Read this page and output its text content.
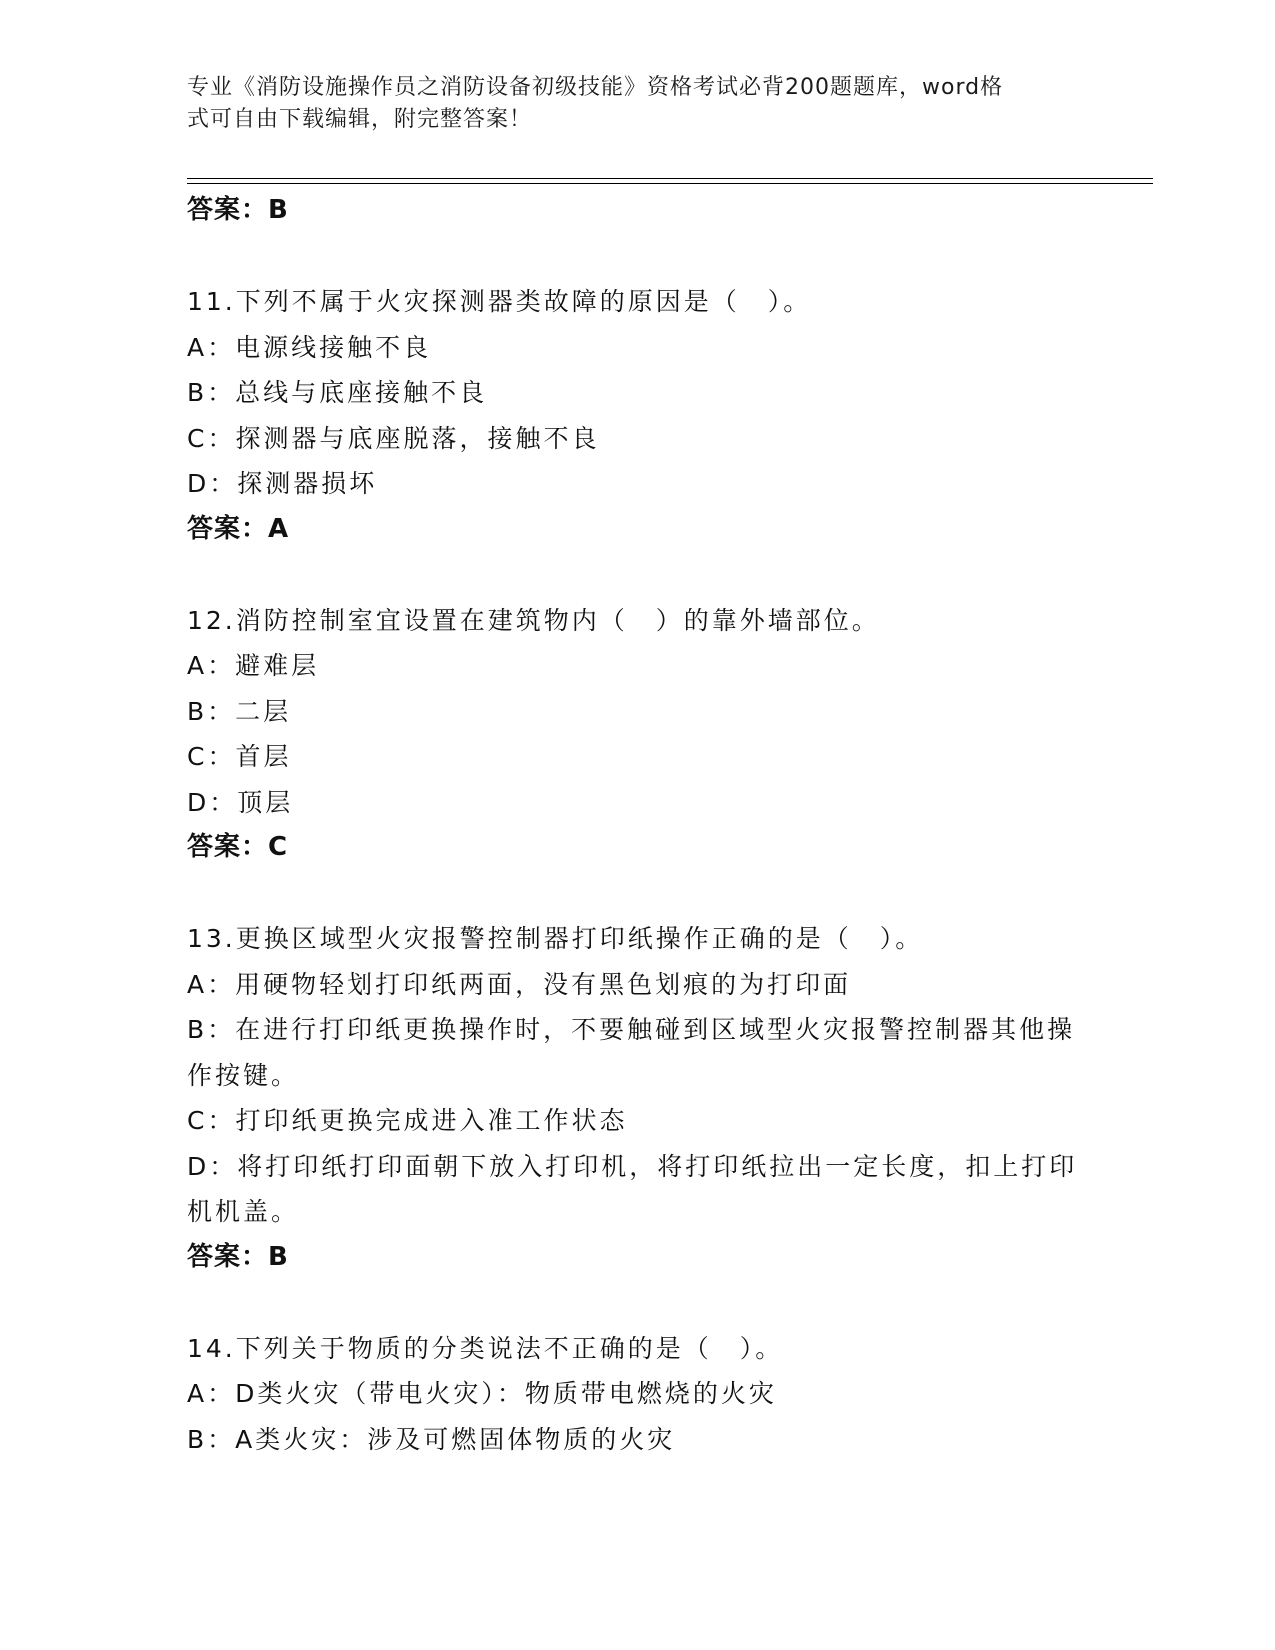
专业《消防设施操作员之消防设备初级技能》资格考试必背200题题库，word格
式可自由下载编辑，附完整答案！
答案：B
11.下列不属于火灾探测器类故障的原因是（　）。
A：电源线接触不良
B：总线与底座接触不良
C：探测器与底座脱落，接触不良
D：探测器损坏
答案：A
12.消防控制室宜设置在建筑物内（　）的靠外墙部位。
A：避难层
B：二层
C：首层
D：顶层
答案：C
13.更换区域型火灾报警控制器打印纸操作正确的是（　）。
A：用硬物轻划打印纸两面，没有黑色划痕的为打印面
B：在进行打印纸更换操作时，不要触碰到区域型火灾报警控制器其他操作按键。
C：打印纸更换完成进入准工作状态
D：将打印纸打印面朝下放入打印机，将打印纸拉出一定长度，扣上打印机机盖。
答案：B
14.下列关于物质的分类说法不正确的是（　）。
A：D类火灾（带电火灾）：物质带电燃烧的火灾
B：A类火灾：涉及可燃固体物质的火灾
